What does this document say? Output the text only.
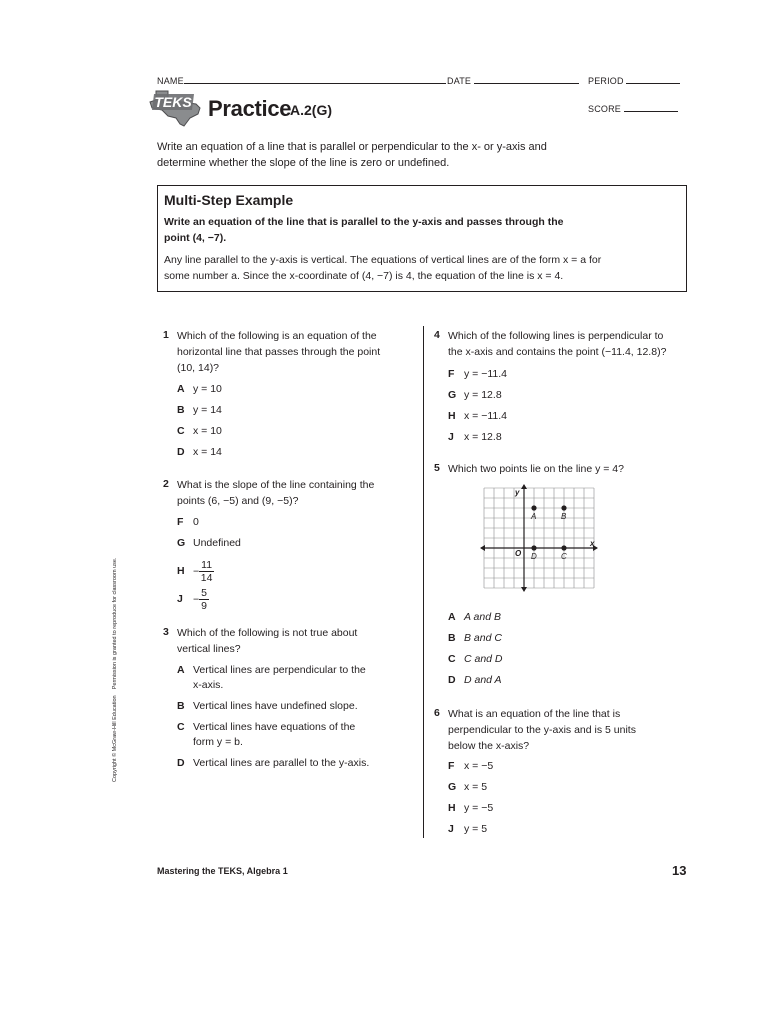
NAME	DATE	PERIOD
SCORE
TEKS Practice
A.2(G)
Write an equation of a line that is parallel or perpendicular to the x- or y-axis and determine whether the slope of the line is zero or undefined.
Multi-Step Example
Write an equation of the line that is parallel to the y-axis and passes through the
point (4, −7).
Any line parallel to the y-axis is vertical. The equations of vertical lines are of the form x = a for
some number a. Since the x-coordinate of (4, −7) is 4, the equation of the line is x = 4.
1 Which of the following is an equation of the
horizontal line that passes through the point
(10, 14)?
A y = 10
B y = 14
C x = 10
D x = 14
2 What is the slope of the line containing the
points (6, −5) and (9, −5)?
F 0
G Undefined
$H - \frac{11}{14}$
$J - \frac{5}{9}$
3 Which of the following is not true about
vertical lines?
A Vertical lines are perpendicular to the
x-axis.
B Vertical lines have undefined slope.
C Vertical lines have equations of the
form y = b.
D Vertical lines are parallel to the y-axis.
4 Which of the following lines is perpendicular to
the x-axis and contains the point (−11.4, 12.8)?
F y = −11.4
G y = 12.8
H x = −11.4
J x = 12.8
5 Which two points lie on the line y = 4?
x
y
O
A	B
D	C
A A and B
B B and C
C C and D
D D and A
6 What is an equation of the line that is
perpendicular to the y-axis and is 5 units
below the x-axis?
F x = −5
G x = 5
H y = −5
J y = 5
Copyright © McGraw-Hill Education    Permission is granted to reproduce for classroom use.
Mastering the TEKS, Algebra 1	13
